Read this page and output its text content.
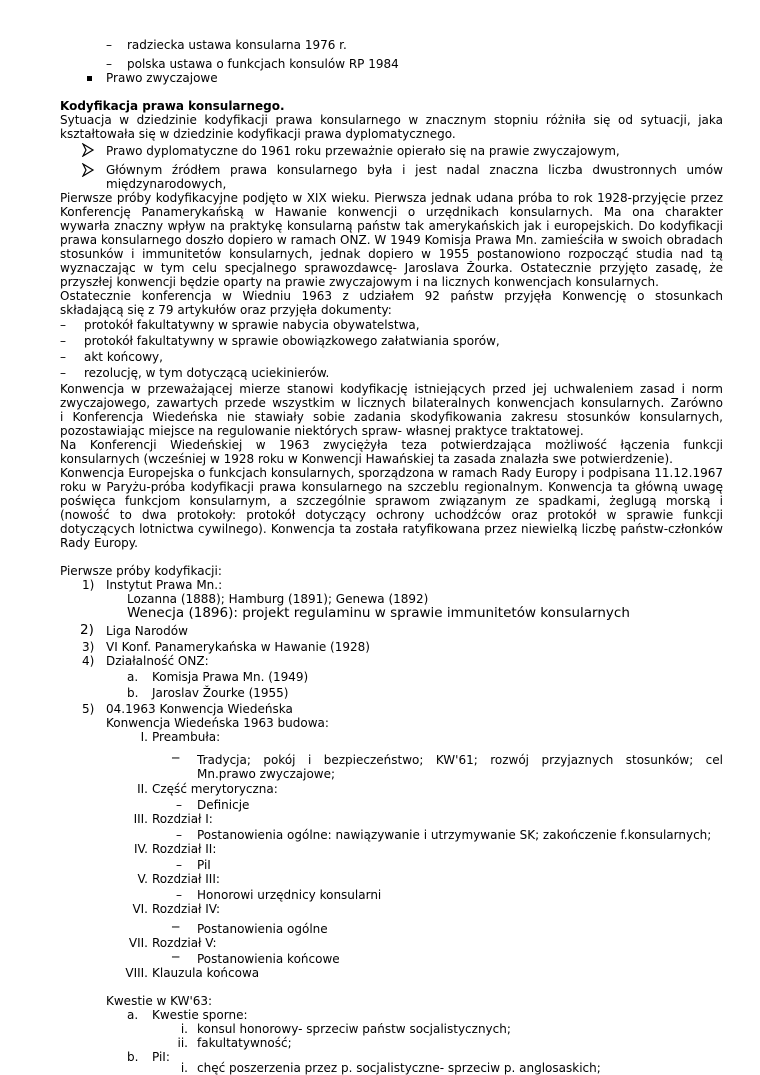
– radziecka ustawa konsularna 1976 r.
– polska ustawa o funkcjach konsulów RP 1984
Prawo zwyczajowe
Kodyfikacja prawa konsularnego.
Sytuacja w dziedzinie kodyfikacji prawa konsularnego w znacznym stopniu różniła się od sytuacji, jaka
kształtowała się w dziedzinie kodyfikacji prawa dyplomatycznego.
Prawo dyplomatyczne do 1961 roku przeważnie opierało się na prawie zwyczajowym,
Głównym źródłem prawa konsularnego była i jest nadal znaczna liczba dwustronnych umów
międzynarodowych,
Pierwsze próby kodyfikacyjne podjęto w XIX wieku. Pierwsza jednak udana próba to rok 1928-przyjęcie przez
Konferencję Panamerykańską w Hawanie konwencji o urzędnikach konsularnych. Ma ona charakter
wywarła znaczny wpływ na praktykę konsularną państw tak amerykańskich jak i europejskich. Do kodyfikacji
prawa konsularnego doszło dopiero w ramach ONZ. W 1949 Komisja Prawa Mn. zamieściła w swoich obradach
stosunków i immunitetów konsularnych, jednak dopiero w 1955 postanowiono rozpocząć studia nad tą
wyznaczając w tym celu specjalnego sprawozdawcę- Jaroslava Žourka. Ostatecznie przyjęto zasadę, że
przyszłej konwencji będzie oparty na prawie zwyczajowym i na licznych konwencjach konsularnych.
Ostatecznie konferencja w Wiedniu 1963 z udziałem 92 państw przyjęła Konwencję o stosunkach
składającą się z 79 artykułów oraz przyjęła dokumenty:
– protokół fakultatywny w sprawie nabycia obywatelstwa,
– protokół fakultatywny w sprawie obowiązkowego załatwiania sporów,
– akt końcowy,
– rezolucję, w tym dotyczącą uciekinierów.
Konwencja w przeważającej mierze stanowi kodyfikację istniejących przed jej uchwaleniem zasad i norm
zwyczajowego, zawartych przede wszystkim w licznych bilateralnych konwencjach konsularnych. Zarówno
i Konferencja Wiedeńska nie stawiały sobie zadania skodyfikowania zakresu stosunków konsularnych,
pozostawiając miejsce na regulowanie niektórych spraw- własnej praktyce traktatowej.
Na Konferencji Wiedeńskiej w 1963 zwyciężyła teza potwierdzająca możliwość łączenia funkcji
konsularnych (wcześniej w 1928 roku w Konwencji Hawańskiej ta zasada znalazła swe potwierdzenie).
Konwencja Europejska o funkcjach konsularnych, sporządzona w ramach Rady Europy i podpisana 11.12.1967
roku w Paryżu-próba kodyfikacji prawa konsularnego na szczeblu regionalnym. Konwencja ta główną uwagę
poświęca funkcjom konsularnym, a szczególnie sprawom związanym ze spadkami, żeglugą morską i
(nowość to dwa protokoły: protokół dotyczący ochrony uchodźców oraz protokół w sprawie funkcji
dotyczących lotnictwa cywilnego). Konwencja ta została ratyfikowana przez niewielką liczbę państw-członków
Rady Europy.
Pierwsze próby kodyfikacji:
1) Instytut Prawa Mn.:
Lozanna (1888); Hamburg (1891); Genewa (1892)
Wenecja (1896): projekt regulaminu w sprawie immunitetów konsularnych
2) Liga Narodów
3) VI Konf. Panamerykańska w Hawanie (1928)
4) Działalność ONZ:
a. Komisja Prawa Mn. (1949)
b. Jaroslav Žourke (1955)
5) 04.1963 Konwencja Wiedeńska
Konwencja Wiedeńska 1963 budowa:
I. Preambuła:
─ Tradycja; pokój i bezpieczeństwo; KW'61; rozwój przyjaznych stosunków; cel
Mn.prawo zwyczajowe;
II. Część merytoryczna:
– Definicje
III. Rozdział I:
– Postanowienia ogólne: nawiązywanie i utrzymywanie SK; zakończenie f.konsularnych;
IV. Rozdział II:
– PiI
V. Rozdział III:
– Honorowi urzędnicy konsularni
VI. Rozdział IV:
─ Postanowienia ogólne
VII. Rozdział V:
─ Postanowienia końcowe
VIII. Klauzula końcowa
Kwestie w KW'63:
a. Kwestie sporne:
i. konsul honorowy- sprzeciw państw socjalistycznych;
ii. fakultatywność;
b. PiI:
i. chęć poszerzenia przez p. socjalistyczne- sprzeciw p. anglosaskich;
